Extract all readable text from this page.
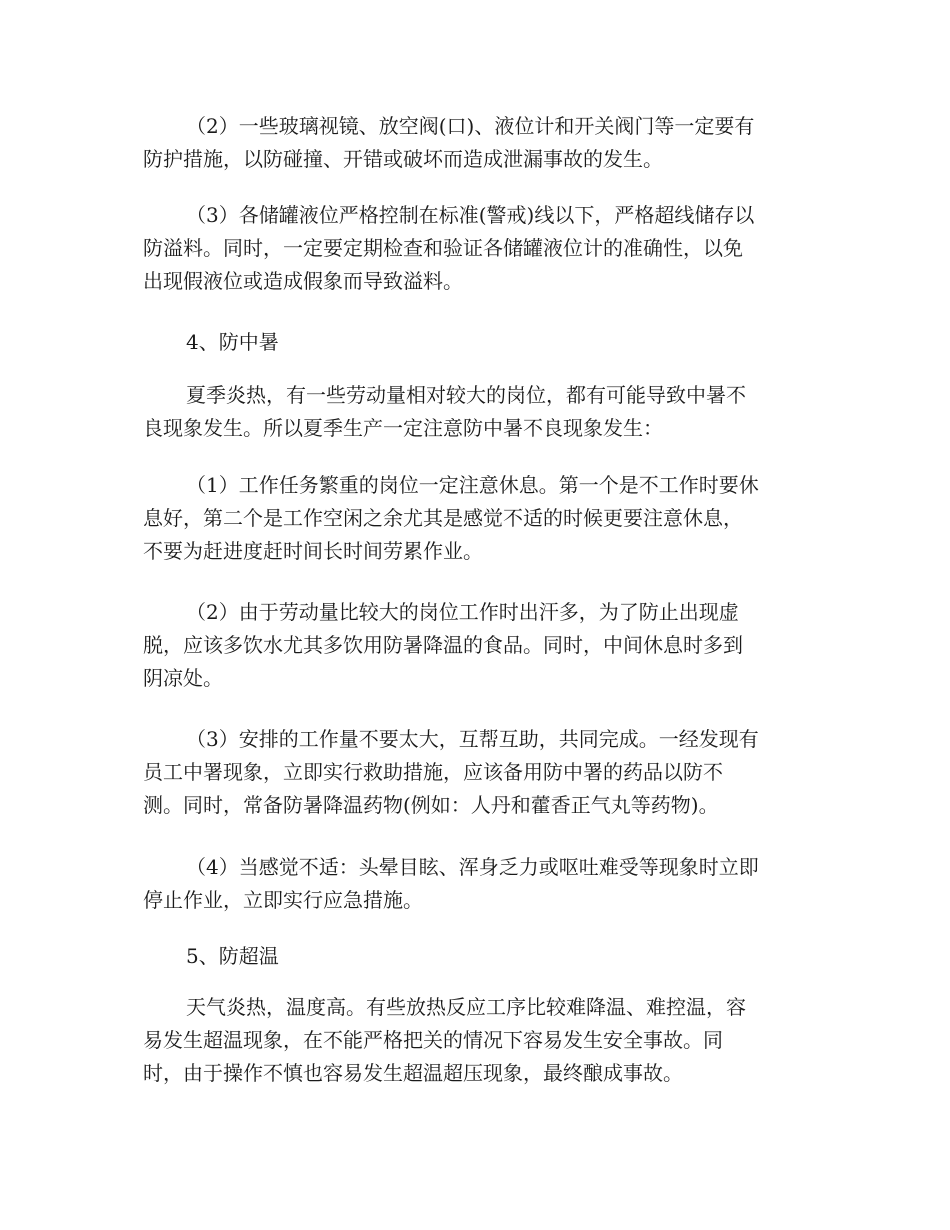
（2）一些玻璃视镜、放空阀(口)、液位计和开关阀门等一定要有
防护措施，以防碰撞、开错或破坏而造成泄漏事故的发生。

（3）各储罐液位严格控制在标准(警戒)线以下，严格超线储存以
防溢料。同时，一定要定期检查和验证各储罐液位计的准确性，以免
出现假液位或造成假象而导致溢料。

4、防中暑

夏季炎热，有一些劳动量相对较大的岗位，都有可能导致中暑不
良现象发生。所以夏季生产一定注意防中暑不良现象发生：

（1）工作任务繁重的岗位一定注意休息。第一个是不工作时要休
息好，第二个是工作空闲之余尤其是感觉不适的时候更要注意休息，
不要为赶进度赶时间长时间劳累作业。

（2）由于劳动量比较大的岗位工作时出汗多，为了防止出现虚
脱，应该多饮水尤其多饮用防暑降温的食品。同时，中间休息时多到
阴凉处。

（3）安排的工作量不要太大，互帮互助，共同完成。一经发现有
员工中署现象，立即实行救助措施，应该备用防中署的药品以防不
测。同时，常备防暑降温药物(例如：人丹和藿香正气丸等药物)。

（4）当感觉不适：头晕目眩、浑身乏力或呕吐难受等现象时立即
停止作业，立即实行应急措施。

5、防超温

天气炎热，温度高。有些放热反应工序比较难降温、难控温，容
易发生超温现象，在不能严格把关的情况下容易发生安全事故。同
时，由于操作不慎也容易发生超温超压现象，最终酿成事故。
